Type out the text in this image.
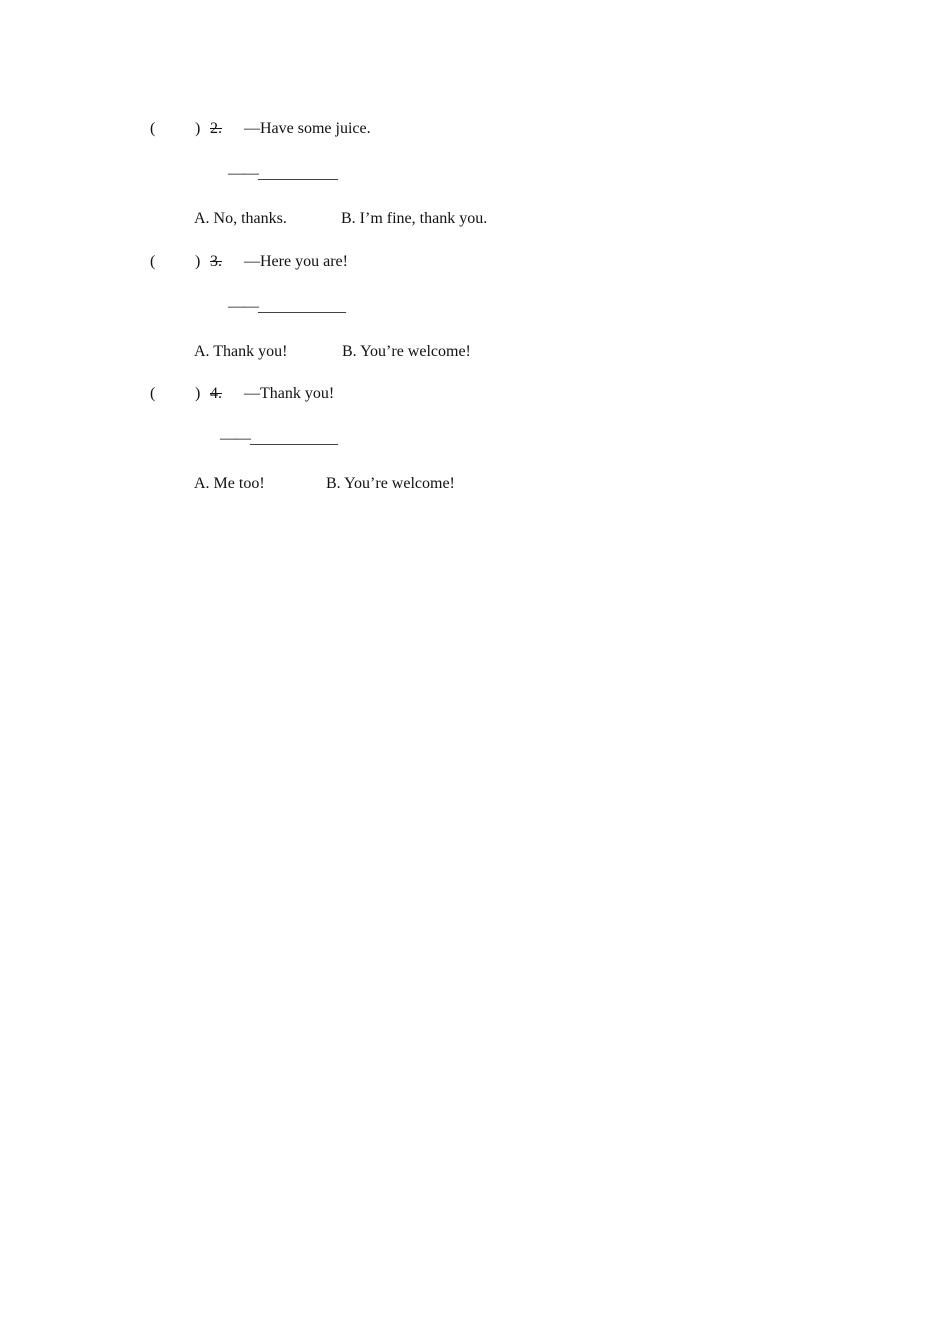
( ) 2. —Have some juice.
——__________
A. No, thanks.	B. I’m fine, thank you.
( ) 3. —Here you are!
——___________
A. Thank you!	B. You’re welcome!
( ) 4. —Thank you!
——___________
A. Me too!	B. You’re welcome!
